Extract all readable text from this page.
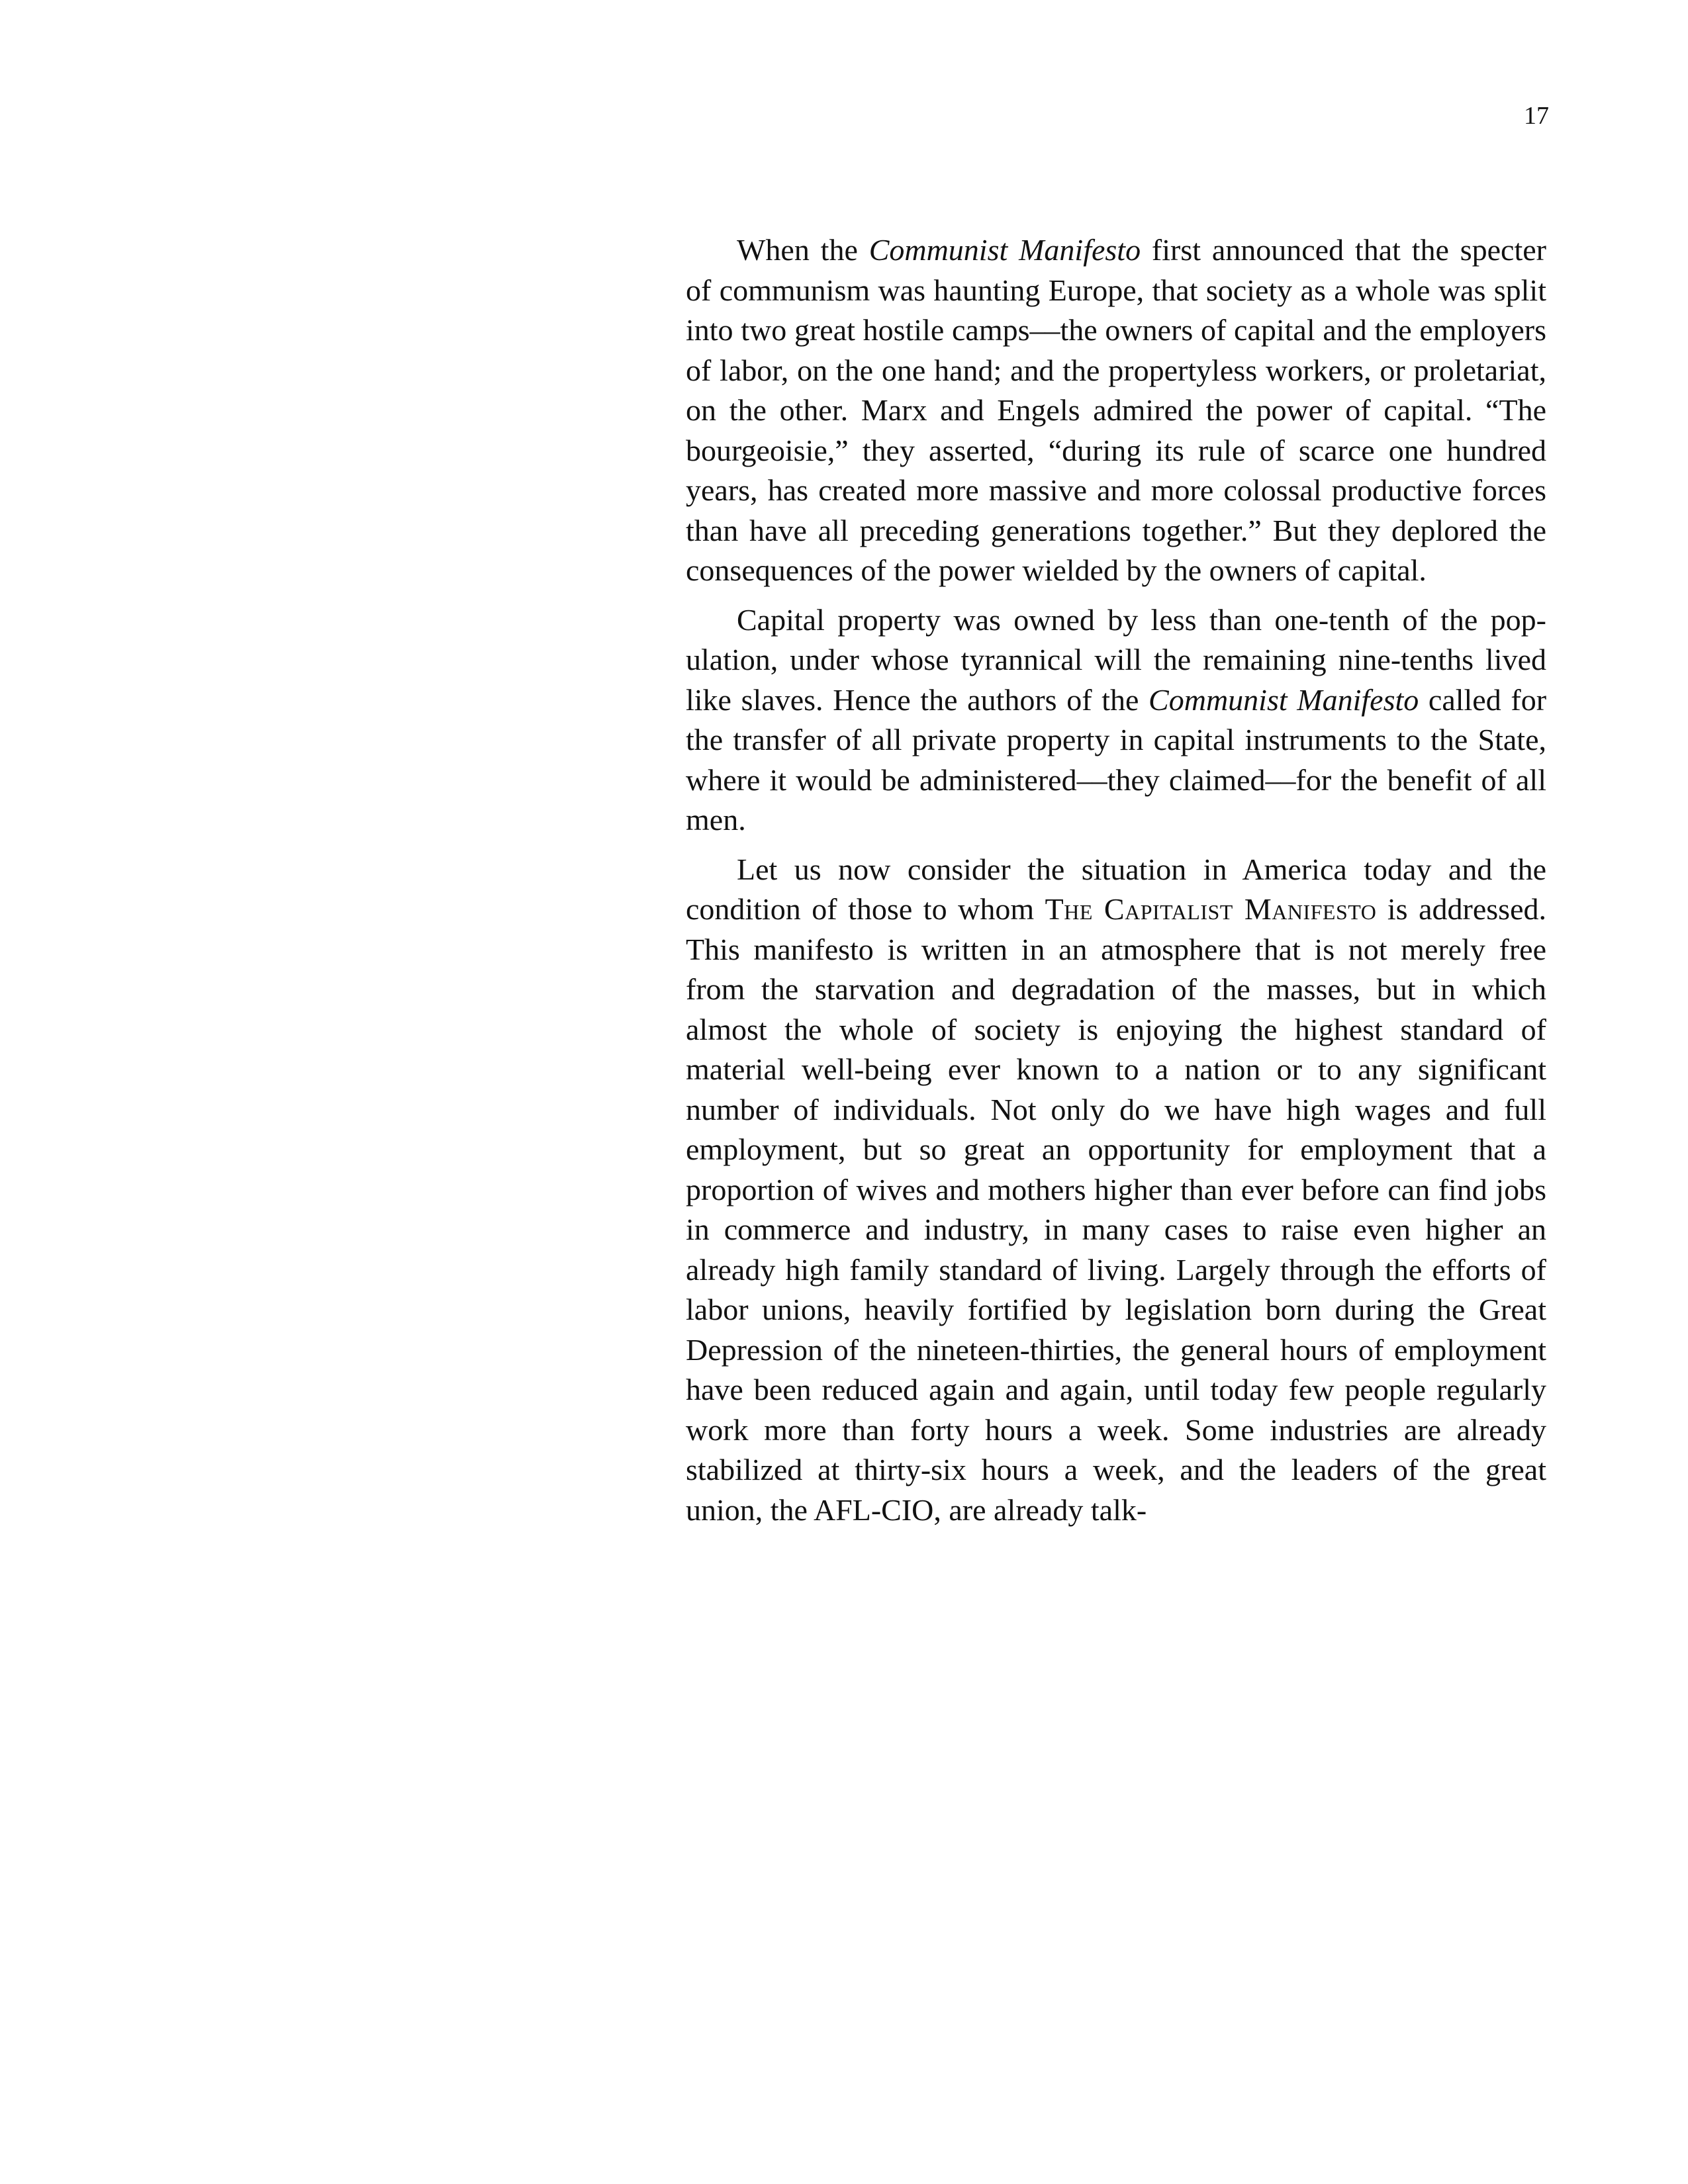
17

When the Communist Manifesto first announced that the specter of communism was haunting Europe, that society as a whole was split into two great hostile camps––the owners of capital and the employers of labor, on the one hand; and the propertyless workers, or proletariat, on the other. Marx and Engels admired the power of capital. “The bourgeoisie,” they asserted, “during its rule of scarce one hundred years, has created more massive and more colossal productive forces than have all preceding generations together.” But they deplored the consequences of the power wielded by the owners of capital.

Capital property was owned by less than one-tenth of the population, under whose tyrannical will the remaining nine-tenths lived like slaves. Hence the authors of the Communist Manifesto called for the transfer of all private property in capital instruments to the State, where it would be administered––they claimed––for the benefit of all men.

Let us now consider the situation in America today and the condition of those to whom The Capitalist Manifesto is addressed. This manifesto is written in an atmosphere that is not merely free from the starvation and degradation of the masses, but in which almost the whole of society is enjoying the highest standard of material well-being ever known to a nation or to any significant number of individuals. Not only do we have high wages and full employment, but so great an opportunity for employment that a proportion of wives and mothers higher than ever before can find jobs in commerce and industry, in many cases to raise even higher an already high family standard of living. Largely through the efforts of labor unions, heavily fortified by legislation born during the Great Depression of the nineteen-thirties, the general hours of employment have been reduced again and again, until today few people regularly work more than forty hours a week. Some industries are already stabilized at thirty-six hours a week, and the leaders of the great union, the AFL-CIO, are already talk-
